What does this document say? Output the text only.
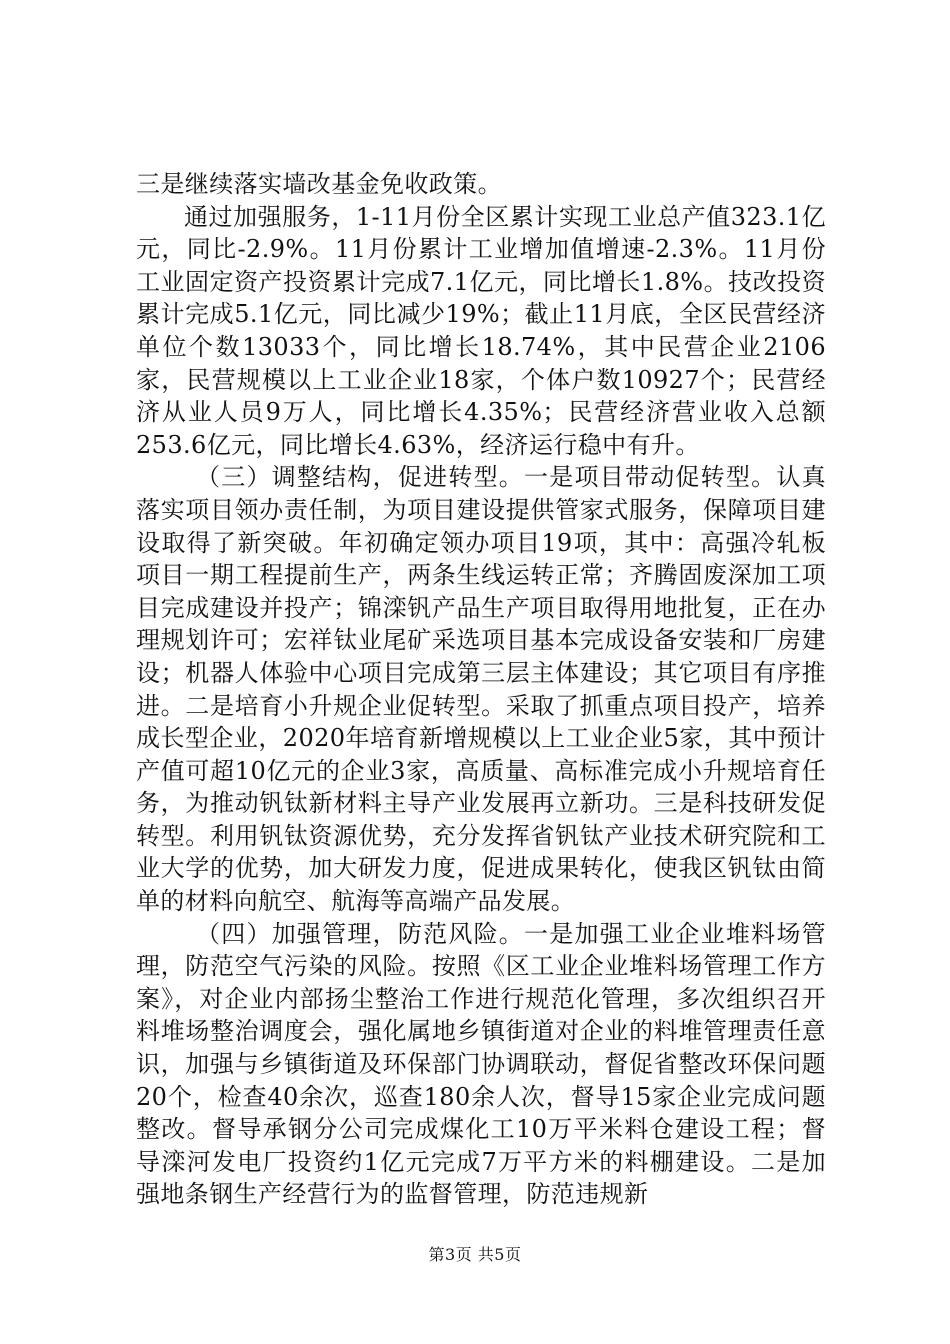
三是继续落实墙改基金免收政策。

通过加强服务，1-11月份全区累计实现工业总产值323.1亿元，同比-2.9%。11月份累计工业增加值增速-2.3%。11月份工业固定资产投资累计完成7.1亿元，同比增长1.8%。技改投资累计完成5.1亿元，同比减少19%；截止11月底，全区民营经济单位个数13033个，同比增长18.74%，其中民营企业2106家，民营规模以上工业企业18家，个体户数10927个；民营经济从业人员9万人，同比增长4.35%；民营经济营业收入总额253.6亿元，同比增长4.63%，经济运行稳中有升。

（三）调整结构，促进转型。一是项目带动促转型。认真落实项目领办责任制，为项目建设提供管家式服务，保障项目建设取得了新突破。年初确定领办项目19项，其中：高强冷轧板项目一期工程提前生产，两条生线运转正常；齐腾固废深加工项目完成建设并投产；锦滦钒产品生产项目取得用地批复，正在办理规划许可；宏祥钛业尾矿采选项目基本完成设备安装和厂房建设；机器人体验中心项目完成第三层主体建设；其它项目有序推进。二是培育小升规企业促转型。采取了抓重点项目投产，培养成长型企业，2020年培育新增规模以上工业企业5家，其中预计产值可超10亿元的企业3家，高质量、高标准完成小升规培育任务，为推动钒钛新材料主导产业发展再立新功。三是科技研发促转型。利用钒钛资源优势，充分发挥省钒钛产业技术研究院和工业大学的优势，加大研发力度，促进成果转化，使我区钒钛由简单的材料向航空、航海等高端产品发展。

（四）加强管理，防范风险。一是加强工业企业堆料场管理，防范空气污染的风险。按照《区工业企业堆料场管理工作方案》，对企业内部扬尘整治工作进行规范化管理，多次组织召开料堆场整治调度会，强化属地乡镇街道对企业的料堆管理责任意识，加强与乡镇街道及环保部门协调联动，督促省整改环保问题20个，检查40余次，巡查180余人次，督导15家企业完成问题整改。督导承钢分公司完成煤化工10万平米料仓建设工程；督导滦河发电厂投资约1亿元完成7万平方米的料棚建设。二是加强地条钢生产经营行为的监督管理，防范违规新

第3页 共5页
